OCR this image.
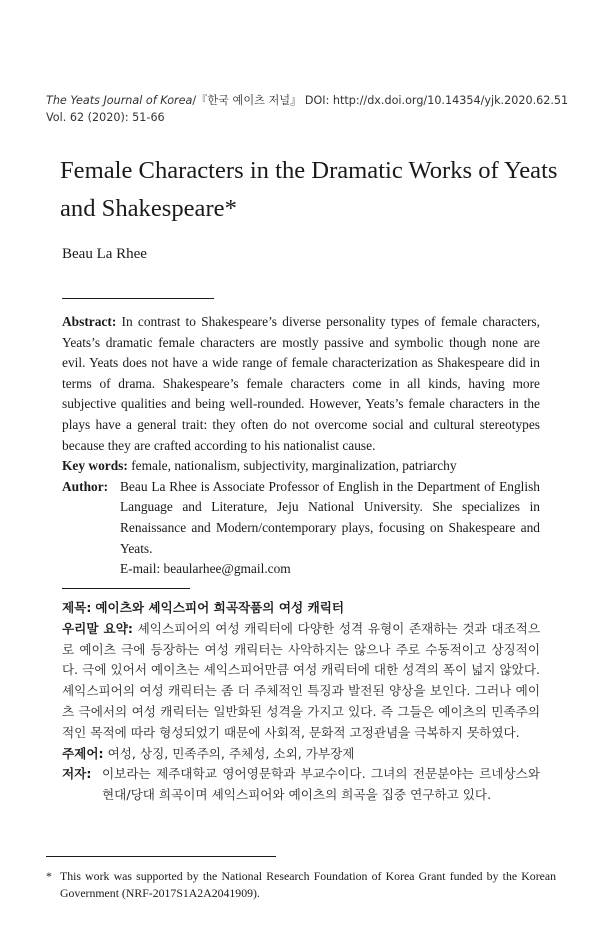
The Yeats Journal of Korea/『한국 예이츠 저널』 DOI: http://dx.doi.org/10.14354/yjk.2020.62.51
Vol. 62 (2020): 51-66
Female Characters in the Dramatic Works of Yeats and Shakespeare*
Beau La Rhee

Abstract: In contrast to Shakespeare’s diverse personality types of female characters, Yeats’s dramatic female characters are mostly passive and symbolic though none are evil. Yeats does not have a wide range of female characterization as Shakespeare did in terms of drama. Shakespeare’s female characters come in all kinds, having more subjective qualities and being well-rounded. However, Yeats’s female characters in the plays have a general trait: they often do not overcome social and cultural stereotypes because they are crafted according to his nationalist cause.

Key words: female, nationalism, subjectivity, marginalization, patriarchy

Author: Beau La Rhee is Associate Professor of English in the Department of English Language and Literature, Jeju National University. She specializes in Renaissance and Modern/contemporary plays, focusing on Shakespeare and Yeats.
E-mail: beaularhee@gmail.com

제목: 예이츠와 셰익스피어 희곡작품의 여성 캐릭터

우리말 요약: 셰익스피어의 여성 캐릭터에 다양한 성격 유형이 존재하는 것과 대조적으로 예이츠 극에 등장하는 여성 캐릭터는 사악하지는 않으나 주로 수동적이고 상징적이다. 극에 있어서 예이츠는 셰익스피어만큼 여성 캐릭터에 대한 성격의 폭이 넓지 않았다. 셰익스피어의 여성 캐릭터는 좀 더 주체적인 특징과 발전된 양상을 보인다. 그러나 예이츠 극에서의 여성 캐릭터는 일반화된 성격을 가지고 있다. 즉 그들은 예이츠의 민족주의적인 목적에 따라 형성되었기 때문에 사회적, 문화적 고정관념을 극복하지 못하였다.

주제어: 여성, 상징, 민족주의, 주체성, 소외, 가부장제

저자: 이보라는 제주대학교 영어영문학과 부교수이다. 그녀의 전문분야는 르네상스와 현대/당대 희곡이며 셰익스피어와 예이츠의 희곡을 집중 연구하고 있다.
* This work was supported by the National Research Foundation of Korea Grant funded by the Korean Government (NRF-2017S1A2A2041909).
